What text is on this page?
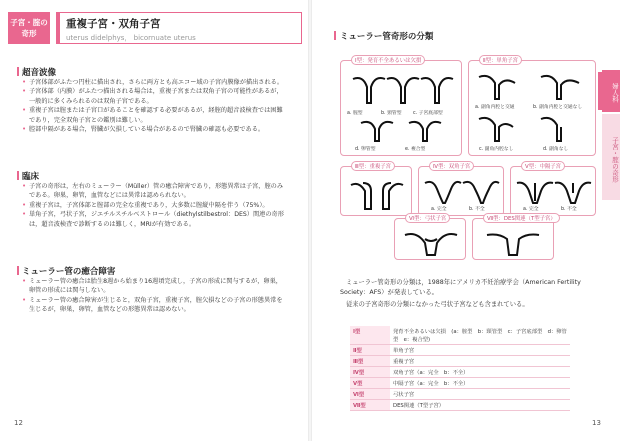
子宮・腟の奇形
重複子宮・双角子宮
uterus didelphys， bicornuate uterus
超音波像
• 子宮体部がふたつ円柱に描出され，さらに両方とも高エコー域の子宮内膜像が描出される。
• 子宮体部（内膜）がふたつ描出される場合は，重複子宮または双角子宮の可能性があるが，一般的に多くみられるのは双角子宮である。
• 重複子宮は腟または子宮口があることを確認する必要があるが，経腟的超音波検査では困難であり，完全双角子宮との鑑別は難しい。
• 腔部中隔がある場合，腎臓が欠損している場合があるので腎臓の確認も必要である。
臨床
• 子宮の奇形は，左右のミューラー（Müller）管の癒合障害であり，形態異常は子宮，腟のみである。卵巣，卵管，血管などには異常は認められない。
• 重複子宮は，子宮体部と腟部の完全な重複であり，大多数に腟縦中隔を伴う（75%）。
• 単角子宮，弓状子宮，ジエチルスチルベストロール（diethylstilbestrol：DES）関連の奇形は，超音波検査で診断するのは難しく，MRIが有効である。
ミューラー管の癒合障害
• ミューラー管の癒合は胎生8週から始まり16週頃完成し，子宮の形成に関与するが，卵巣，卵管の形成には関与しない。
• ミューラー管の癒合障害が生じると，双角子宮，重複子宮，腟欠損などの子宮の形態異常を生じるが，卵巣，卵管，血管などの形態異常は認めない。
12
ミューラー管奇形の分類
Ⅰ型：発育不全あるいは欠損
a. 腟型	b. 頸管型 c. 子宮底部型
d. 卵管型	e. 複合型
Ⅱ型：単角子宮
a. 副角内腔と交通	b. 副角内腔と交通なし
c. 副角内腔なし	d. 副角なし
Ⅲ型：重複子宮	Ⅳ型：双角子宮
a. 完全	b. 不全
Ⅴ型：中隔子宮
a. 完全	b. 不全
Ⅵ型：弓状子宮	Ⅶ型：DES関連（T型子宮）
ミューラー管奇形の分類は，1988年にアメリカ不妊治療学会（American Fertility Society：AFS）が発表している。
従来の子宮奇形の分類になかった弓状子宮なども含まれている。
Ⅰ型	発育不全あるいは欠損　(a：腟型　b：頸管型　c：子宮底部型　d：卵管型　e：複合型)
Ⅱ型	単角子宮
Ⅲ型	重複子宮
Ⅳ型	双角子宮（a：完全　b：不全）
Ⅴ型	中隔子宮（a：完全　b：不全）
Ⅵ型	弓状子宮
Ⅶ型	DES関連（T型子宮）
13
婦人科
子宮・腟の奇形
